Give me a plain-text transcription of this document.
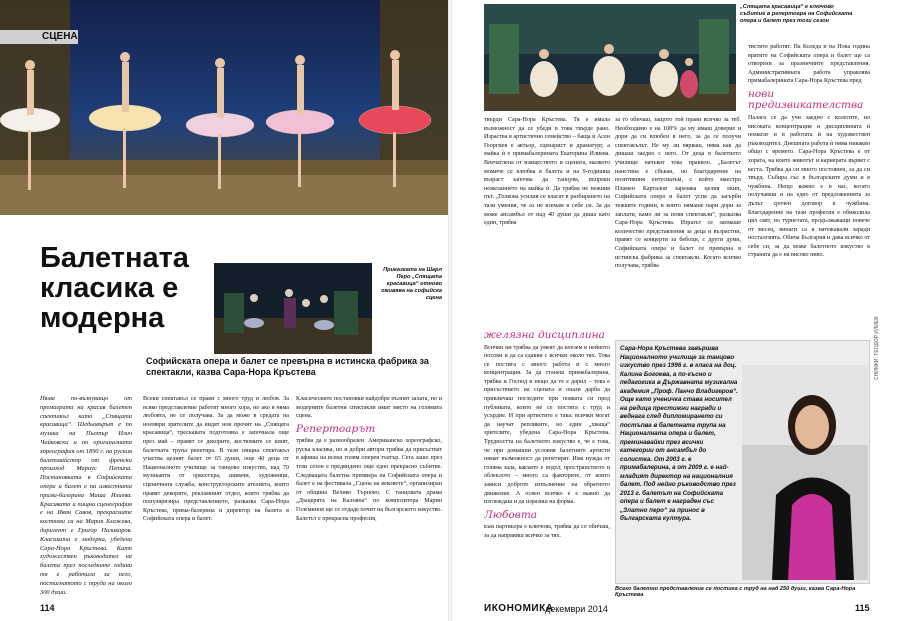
СЦЕНА
Приказката на Шарл Перо „Спящата красавица“ отново оживява на софийска сцена
Балетната
класика е
модерна
Софийската опера и балет се превърна в истинска фабрика за спектакли, казва Сара-Нора Кръстева
Няма по-вълнуващо от премиерата на красив балетен спектакъл като „Спящата красавица“. Шедьовърът е по музика на Пьотър Илич Чайковски и по оригиналната хореография от 1890 г. на руския балетмайстор от френски произход Мариус Петипа. Постановката в Софийската опера и балет е на известната прима-балерина Маша Илиева. Красивата и пищна сценография е на Иван Савов, прекрасните костюми са на Мария Блажева, диригент е Григор Паликаров. Класиката е модерна, убедена Сара-Нора Кръстева. Като художествен ръководител на балета през последните години тя е работила за него, постигнатото с труда на около 300 души.
Всеки спектакъл се прави с много труд и любов. За всяко представление работят много хора, но ако я няма любовта, не се получава. За да може в средата на ноември зрителите да видят нов прочит на „Спящата красавица“, трескавата подготовка е започнала още през май – правят се декорите, костюмите се шият, балетната трупа репетира. В тази пищна спектакъл участва целият балет от 65 души, още 40 деца от Националното училище за танцово изкуство, над 70 музиканти от оркестъра, шивачи, художници, сценичната служба, конструкторските ателиета, които правят декорите, рекламният отдел, които трябва да популяризира представлението, разказва Сара-Нора Кръстева, прима-балерина и директор на балета в Софийската опера и балет.
Класическите постановки найдобре пълнят залата, но и модерните балетни спектакли имат място на голямата сцена.
Репертоарът
трябва да е разнообразен. Американско хореографско, руска класика, но и добри автори трябва да присъстват в афиша на всеки голям оперен театър. Сега зашо през този сезон е предвидено още едно прекрасно събитие. Следващата балетна премиера на Софийската опера и балет е на фестивала „Сцена на вековете“, организиран от община Велико Търново. С танцовата драма „Дъщерята на Калояна“ по композитора Марин Големинов ще се отдаде почит на българското изкуство. Балетът е прекрасна професия,
114
„Спящата красавица“ е ключово събитие в репертоара на Софийската опера и балет през този сезон
твърди Сара-Нора Кръстева. Тя е имала възможност да се убеди в това твърде рано. Израства в артистично семейство – баща ѝ Асен Георгиев е актьор, сценарист и драматург, а майка ѝ е примабалерината Екатерина Илиева. Впечатлена от изяществото и сцената, малкото момиче се влюбва в балета и на 9-годишна възраст започва да танцува, въпреки нежеланието на майка ѝ. Да трябва не нежния път. „Толкова усилия се влагат в разбирането на тази умения, че аз не вземам в себе си. За да може ансамбъл от над 40 души да диша като един, трябва
желязна дисциплина
Всички ни трябва да умеят да влезем в нейното посоки и да са едакви с всички около тях. Това се постига с много работа и с много концентрация. За да станеш примабалерина, трябва и Господ в нещо да те е дарил – това е присъствието на сцената и онази дарба да привличаш погледите при появата си пред публиката, които не се постига с труд и усърдие. И при артистите е така: всички могат да научат репликите, но един „хваща“ зрителите, убедена Сара-Нора Кръстева. Трудността на балетното изкуство е, че е това, че при домашни условия балетните артисти нямат възможност да репетират. Има нужда от голяма зала, какъвто е подът, пространството и облеклото – много са факторите, от които зависи доброто изпълнение на обратното движение. А освен всичко е е важно да изглеждаш и да изразиш на форма.
Любовта
към партньора е ключова, трябва да се обичаш, за да направиш всичко за тях.
за го обичаш, защото той прави всичко за теб. Необходимо е на 100% да му имаш доверие и дори да си влюбен в него, за да се получи спектакълът. Не му ли вярваш, няма как да дишаш заедно с него. От деца в балетното училище начъват това правило. „Балетът наистина е сбъкан, но благодарение на позитивния ентусиазъм, с който маестро Пламен Карталов заразява целия екип, Софийската опера и балет успя да загърби тежките години, в които нямаше пари дори за заплати, камо ли за нови спектакли“, разказва Сара-Нора Кръстева. Изразът се заемаше количество представления за деца и възрастни, правят се концерти за бебоци, с други думи, Софийската опера и балет се превърна в истинска фабрика за спектакли. Когато всичко получава, трябва
тистите работят. На Коледа и на Нова година вратите на Софийската опера и балет ще са отворени за празничните представления. Административната работа управлява примабалерината Сара-Нора Кръстева пред
нови предизвикателства
Налага се да учи заедно с колегите, но високата концентрация и дисциплината ѝ помагат и в работата ѝ на художествен ръководител. Днешната работа ѝ няма никакво общо с времето. Сара-Нора Кръстева е от хората, на които животът и кариерата вървят с кеста. Трябва да си много постоянен, за да си твърд. Събира със в българските думи и в чужбина. Нещо важно е в нас, когато получаваш и на едно от предложенията за дълъг срочен договор в чужбина. Благодарение на тази професия е обиколила цял свят, но турнетата, продължаващи повече от месец, винаги са я натежавали заради носталгията. Обича България и дава всичко от себе си, за да може балетното изкуство в страната да е на високо ниво.
Сара-Нора Кръстева завършва Националното училище за танцово изкуство през 1996 г. в класа на доц. Калина Богоева, а по-късно и педагогика в Държавната музикална академия „Проф. Панчо Владигеров“. Още като ученичка става носител на редица престижни награди и веднага след дипломирането си постъпва в балетната трупа на Националната опера и балет, преминавайки през всички категории от ансамбъл до солистка. От 2003 г. е примабалерина, а от 2009 г. е най-младият директор на националния балет. Под нейно ръководство през 2013 г. балетът на Софийската опера и балет е награден със „Златно перо“ за принос в българската култура.
Всеко балетно представление се постига с труд на над 250 души, казва Сара-Нора Кръстева
СНИМКИ: ТЕОДОР ИЛИЕВ
ИКОНОМИКА
декември 2014	115
